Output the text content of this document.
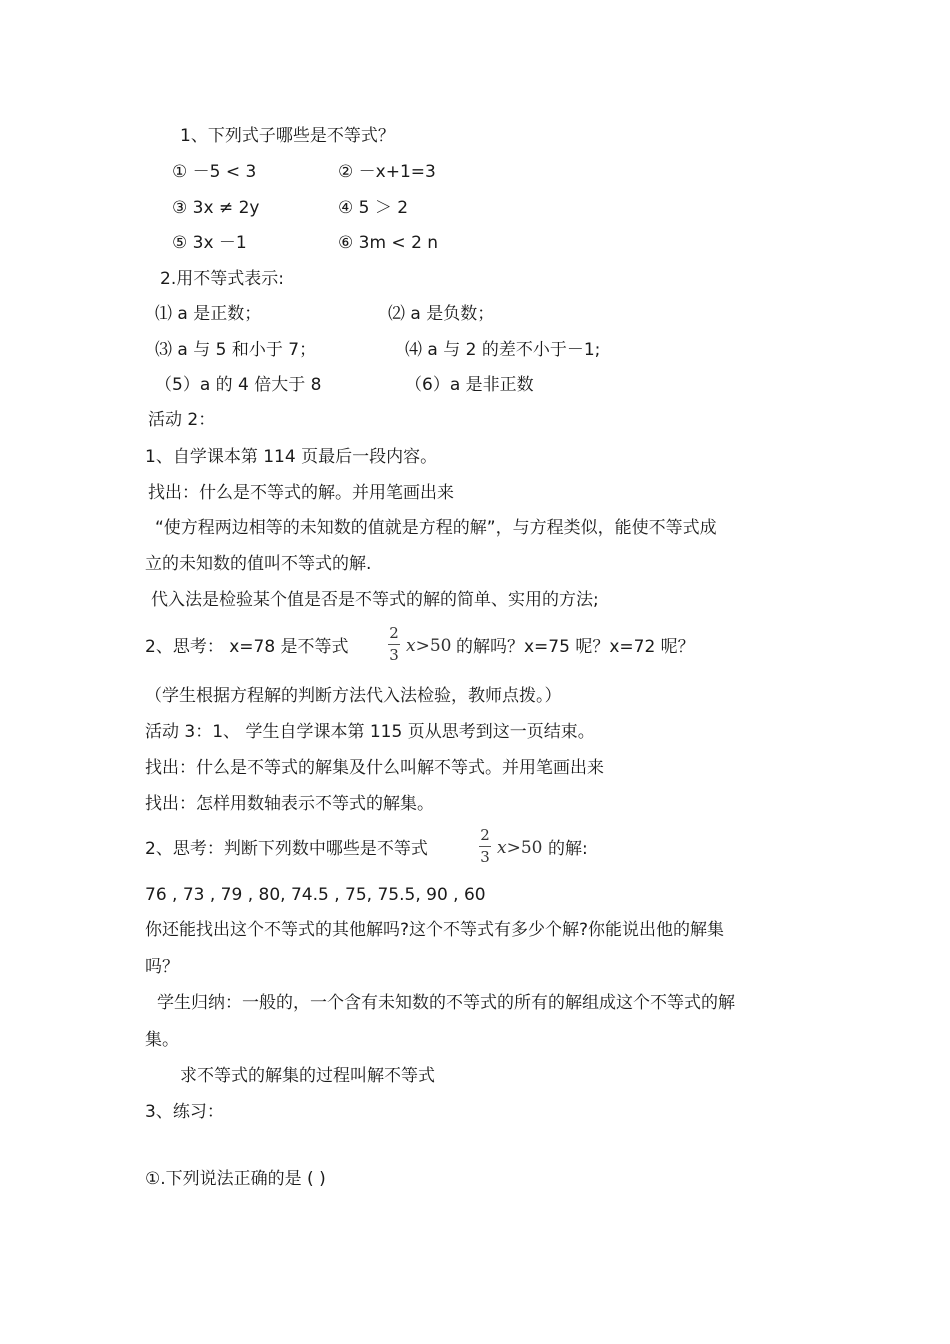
1、下列式子哪些是不等式？
① －5 < 3	② －x+1=3
③ 3x ≠ 2y	④ 5 ＞ 2
⑤ 3x －1	⑥ 3m < 2 n
2.用不等式表示:
⑴ a 是正数；	⑵ a 是负数；
⑶ a 与 5 和小于 7；	⑷ a 与 2 的差不小于－1;
（5）a 的 4 倍大于 8	（6）a 是非正数
活动 2：
1、自学课本第 114 页最后一段内容。
找出：什么是不等式的解。并用笔画出来
“使方程两边相等的未知数的值就是方程的解”，与方程类似，能使不等式成
立的未知数的值叫不等式的解.
代入法是检验某个值是否是不等式的解的简单、实用的方法;
2、思考： x=78 是不等式
2
3 x>50 的解吗？x=75 呢？x=72 呢？
（学生根据方程解的判断方法代入法检验，教师点拨。）
活动 3：1、 学生自学课本第 115 页从思考到这一页结束。
找出：什么是不等式的解集及什么叫解不等式。并用笔画出来
找出：怎样用数轴表示不等式的解集。
2、思考：判断下列数中哪些是不等式
2
3 x>50 的解:
76 , 73 , 79 , 80, 74.5 , 75, 75.5, 90 , 60
你还能找出这个不等式的其他解吗?这个不等式有多少个解?你能说出他的解集
吗？
学生归纳：一般的，一个含有未知数的不等式的所有的解组成这个不等式的解
集。
求不等式的解集的过程叫解不等式
3、练习：
①.下列说法正确的是 ( )
